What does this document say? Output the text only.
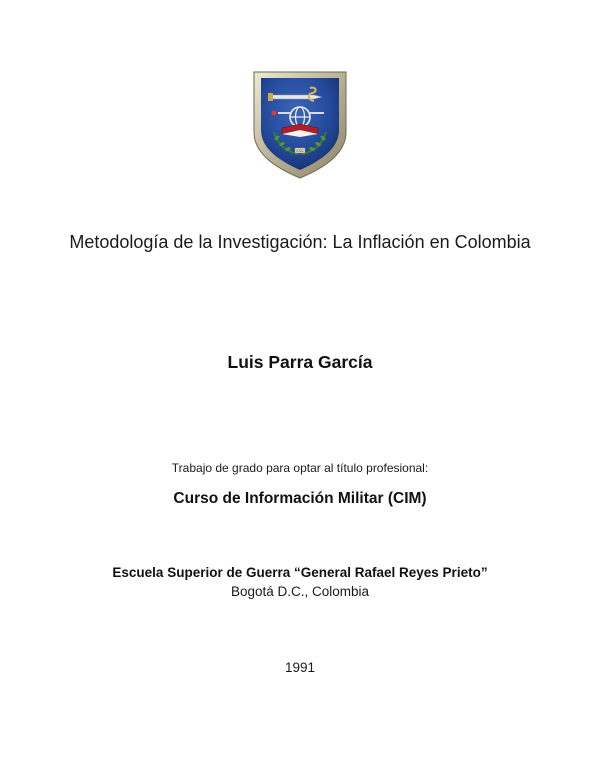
ESG
Metodología de la Investigación: La Inflación en Colombia
Luis Parra García
Trabajo de grado para optar al título profesional:
Curso de Información Militar (CIM)
Escuela Superior de Guerra “General Rafael Reyes Prieto”
Bogotá D.C., Colombia
1991
